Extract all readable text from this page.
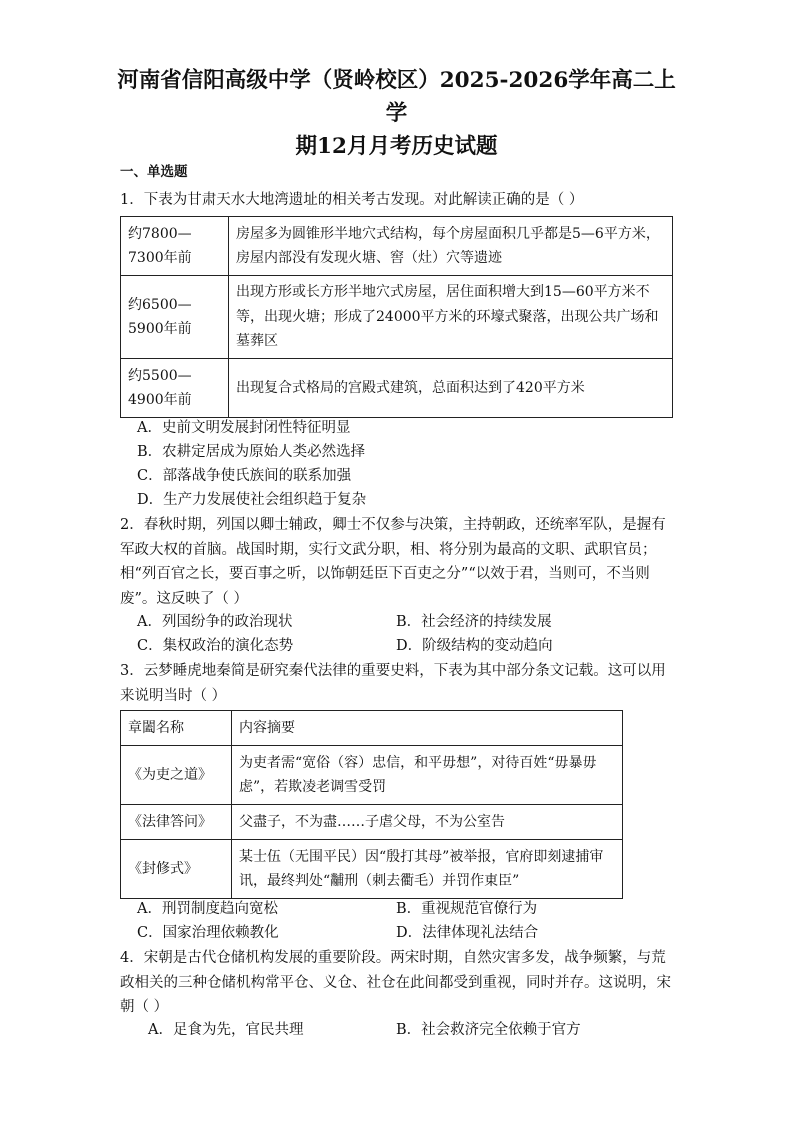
河南省信阳高级中学（贤岭校区）2025-2026学年高二上学
期12月月考历史试题
一、单选题
1．下表为甘肃天水大地湾遗址的相关考古发现。对此解读正确的是（ ）
约7800—7300年前	房屋多为圆锥形半地穴式结构，每个房屋面积几乎都是5—6平方米，房屋内部没有发现火塘、窖（灶）穴等遗迹
约6500—5900年前	出现方形或长方形半地穴式房屋，居住面积增大到15—60平方米不等，出现火塘；形成了24000平方米的环壕式聚落，出现公共广场和墓葬区
约5500—4900年前	出现复合式格局的宫殿式建筑，总面积达到了420平方米
A．史前文明发展封闭性特征明显
B．农耕定居成为原始人类必然选择
C．部落战争使氏族间的联系加强
D．生产力发展使社会组织趋于复杂
2．春秋时期，列国以卿士辅政，卿士不仅参与决策，主持朝政，还统率军队，是握有军政大权的首脑。战国时期，实行文武分职，相、将分别为最高的文职、武职官员；相“列百官之长，要百事之听，以饰朝廷臣下百吏之分”“以效于君，当则可，不当则废”。这反映了（ ）
A．列国纷争的政治现状	B．社会经济的持续发展
C．集权政治的演化态势	D．阶级结构的变动趋向
3．云梦睡虎地秦简是研究秦代法律的重要史料，下表为其中部分条文记载。这可以用来说明当时（ ）
章闔名称	内容摘要
《为吏之道》	为吏者需“宽俗（容）忠信，和平毋想”，对待百姓“毋暴毋虑”，若欺凌老调雪受罚
《法律答问》	父盡子，不为盡……子虐父母，不为公室告
《封修式》	某士伍（无围平民）因“殷打其母”被举报，官府即刻逮捕审讯，最终判处“黼刑（刺去衢毛）并罚作東臣”
A．刑罚制度趋向宽松	B．重视规范官僚行为
C．国家治理依赖教化	D．法律体现礼法结合
4．宋朝是古代仓储机构发展的重要阶段。两宋时期，自然灾害多发，战争频繁，与荒政相关的三种仓储机构常平仓、义仓、社仓在此间都受到重视，同时并存。这说明，宋朝（ ）
A．足食为先，官民共理	B．社会救济完全依赖于官方
